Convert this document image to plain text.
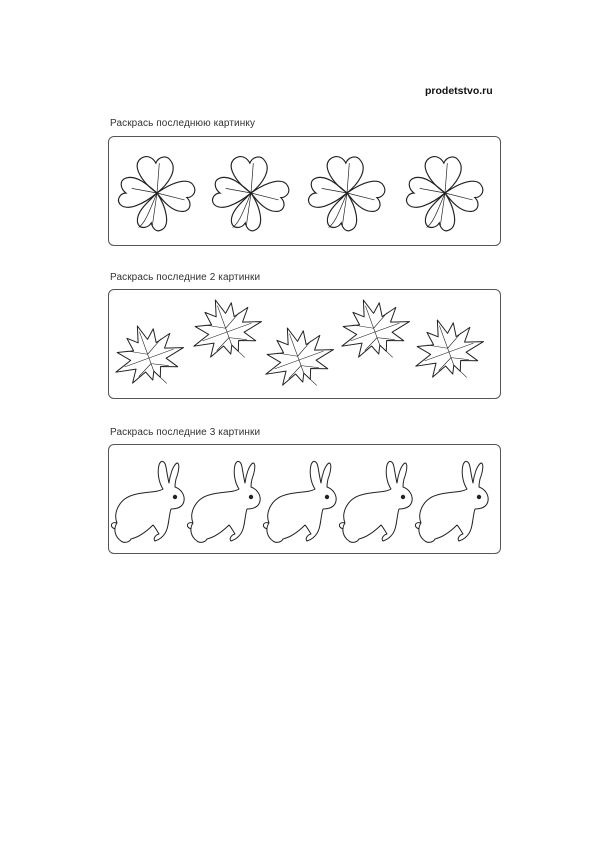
prodetstvo.ru
Раскрась последнюю картинку
Раскрась последние 2 картинки
Раскрась последние 3 картинки
